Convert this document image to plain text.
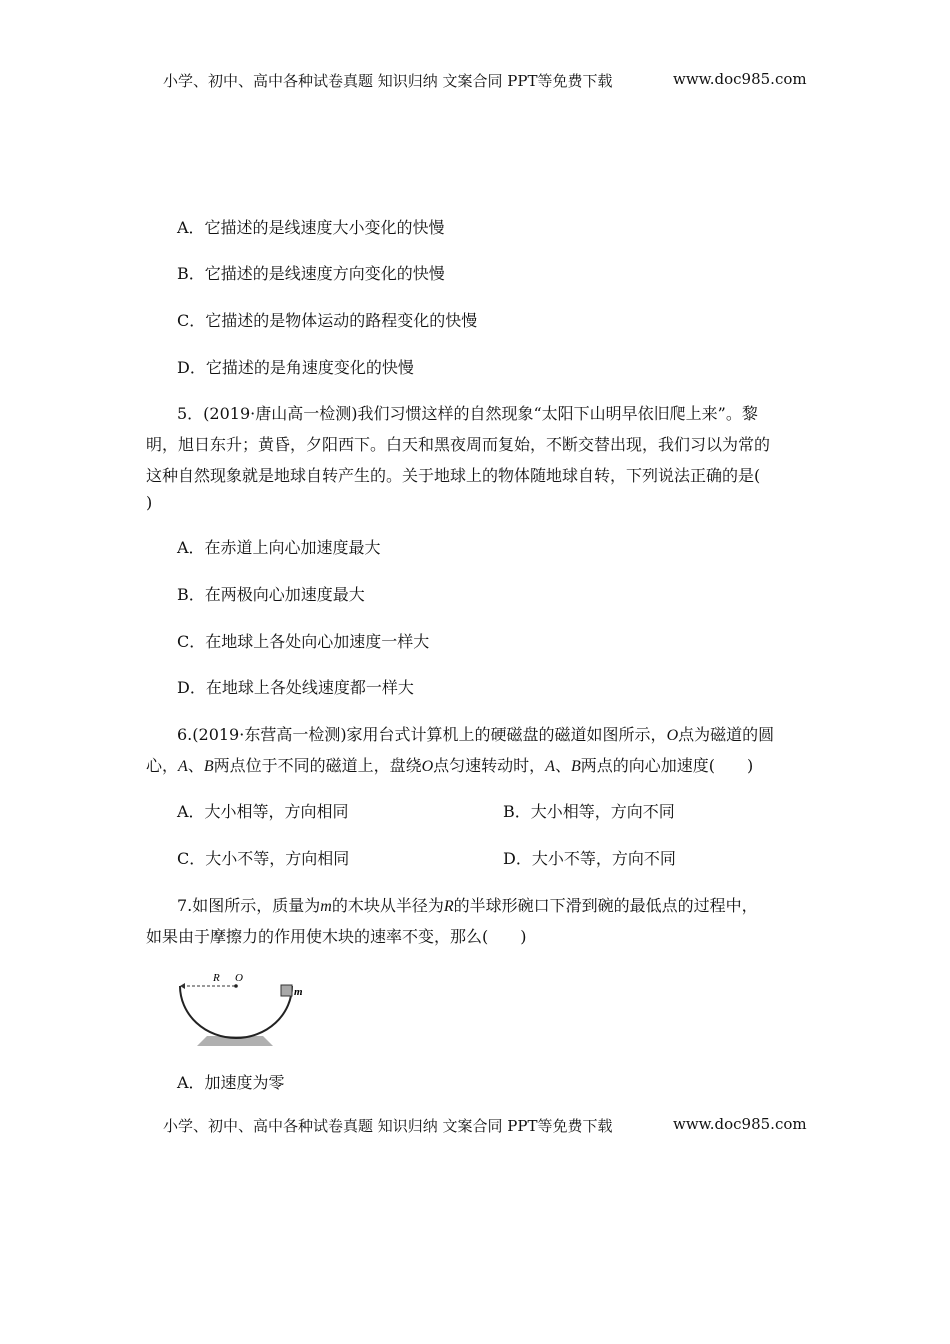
小学、初中、高中各种试卷真题 知识归纳 文案合同 PPT等免费下载	www.doc985.com
A．它描述的是线速度大小变化的快慢
B．它描述的是线速度方向变化的快慢
C．它描述的是物体运动的路程变化的快慢
D．它描述的是角速度变化的快慢
5．(2019·唐山高一检测)我们习惯这样的自然现象“太阳下山明早依旧爬上来”。黎
明，旭日东升；黄昏，夕阳西下。白天和黑夜周而复始，不断交替出现，我们习以为常的
这种自然现象就是地球自转产生的。关于地球上的物体随地球自转，下列说法正确的是(
)
A．在赤道上向心加速度最大
B．在两极向心加速度最大
C．在地球上各处向心加速度一样大
D．在地球上各处线速度都一样大
6.(2019·东营高一检测)家用台式计算机上的硬磁盘的磁道如图所示，O点为磁道的圆
心，A、B两点位于不同的磁道上，盘绕O点匀速转动时，A、B两点的向心加速度(　　)
A．大小相等，方向相同	B．大小相等，方向不同
C．大小不等，方向相同	D．大小不等，方向不同
7.如图所示，质量为m的木块从半径为R的半球形碗口下滑到碗的最低点的过程中，
如果由于摩擦力的作用使木块的速率不变，那么(　　)
R O
m
A．加速度为零
小学、初中、高中各种试卷真题 知识归纳 文案合同 PPT等免费下载	www.doc985.com
